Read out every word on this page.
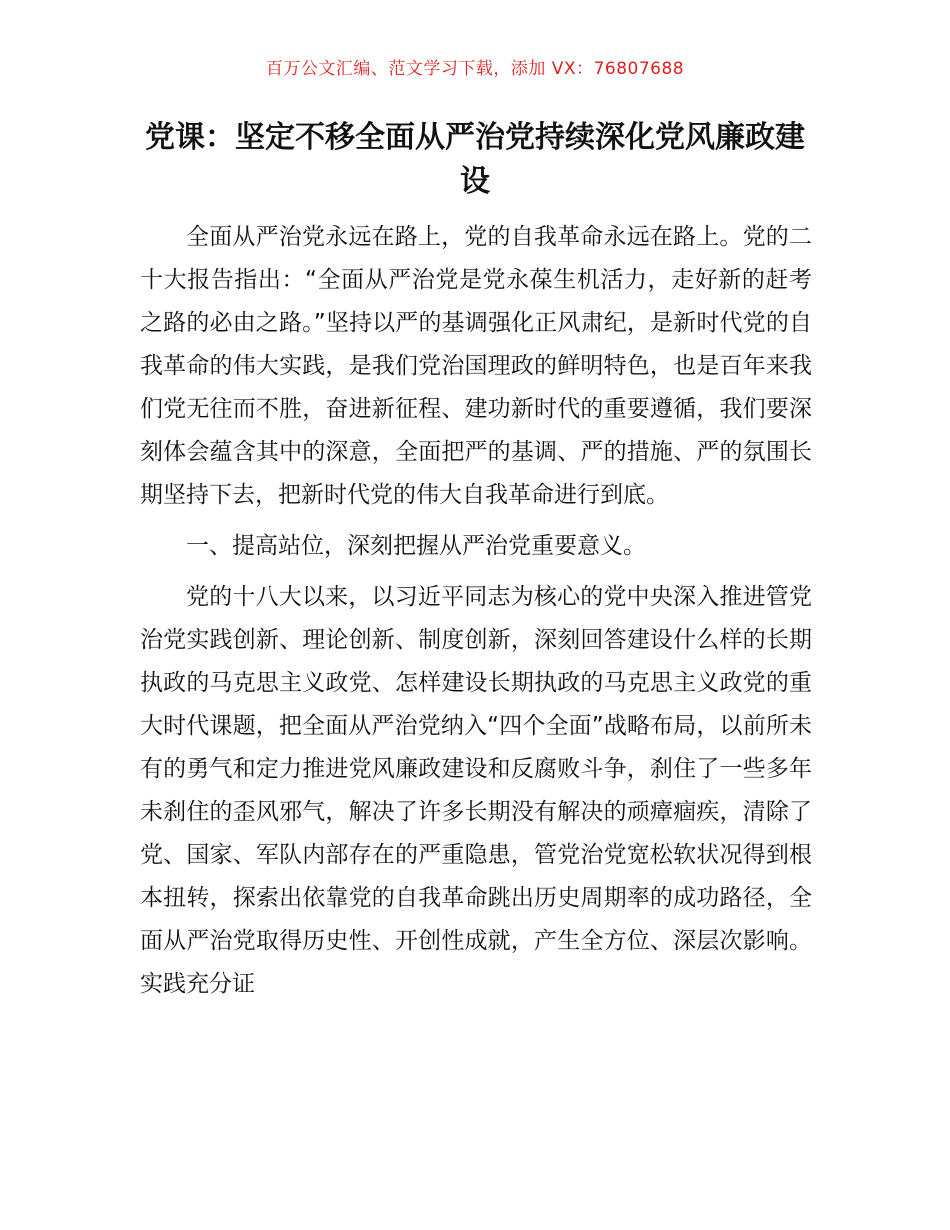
百万公文汇编、范文学习下载，添加 VX：76807688
党课：坚定不移全面从严治党持续深化党风廉政建设

全面从严治党永远在路上，党的自我革命永远在路上。党的二十大报告指出：“全面从严治党是党永葆生机活力，走好新的赶考之路的必由之路。”坚持以严的基调强化正风肃纪，是新时代党的自我革命的伟大实践，是我们党治国理政的鲜明特色，也是百年来我们党无往而不胜，奋进新征程、建功新时代的重要遵循，我们要深刻体会蕴含其中的深意，全面把严的基调、严的措施、严的氛围长期坚持下去，把新时代党的伟大自我革命进行到底。

一、提高站位，深刻把握从严治党重要意义。

党的十八大以来，以习近平同志为核心的党中央深入推进管党治党实践创新、理论创新、制度创新，深刻回答建设什么样的长期执政的马克思主义政党、怎样建设长期执政的马克思主义政党的重大时代课题，把全面从严治党纳入“四个全面”战略布局，以前所未有的勇气和定力推进党风廉政建设和反腐败斗争，刹住了一些多年未刹住的歪风邪气，解决了许多长期没有解决的顽瘴痼疾，清除了党、国家、军队内部存在的严重隐患，管党治党宽松软状况得到根本扭转，探索出依靠党的自我革命跳出历史周期率的成功路径，全面从严治党取得历史性、开创性成就，产生全方位、深层次影响。实践充分证
